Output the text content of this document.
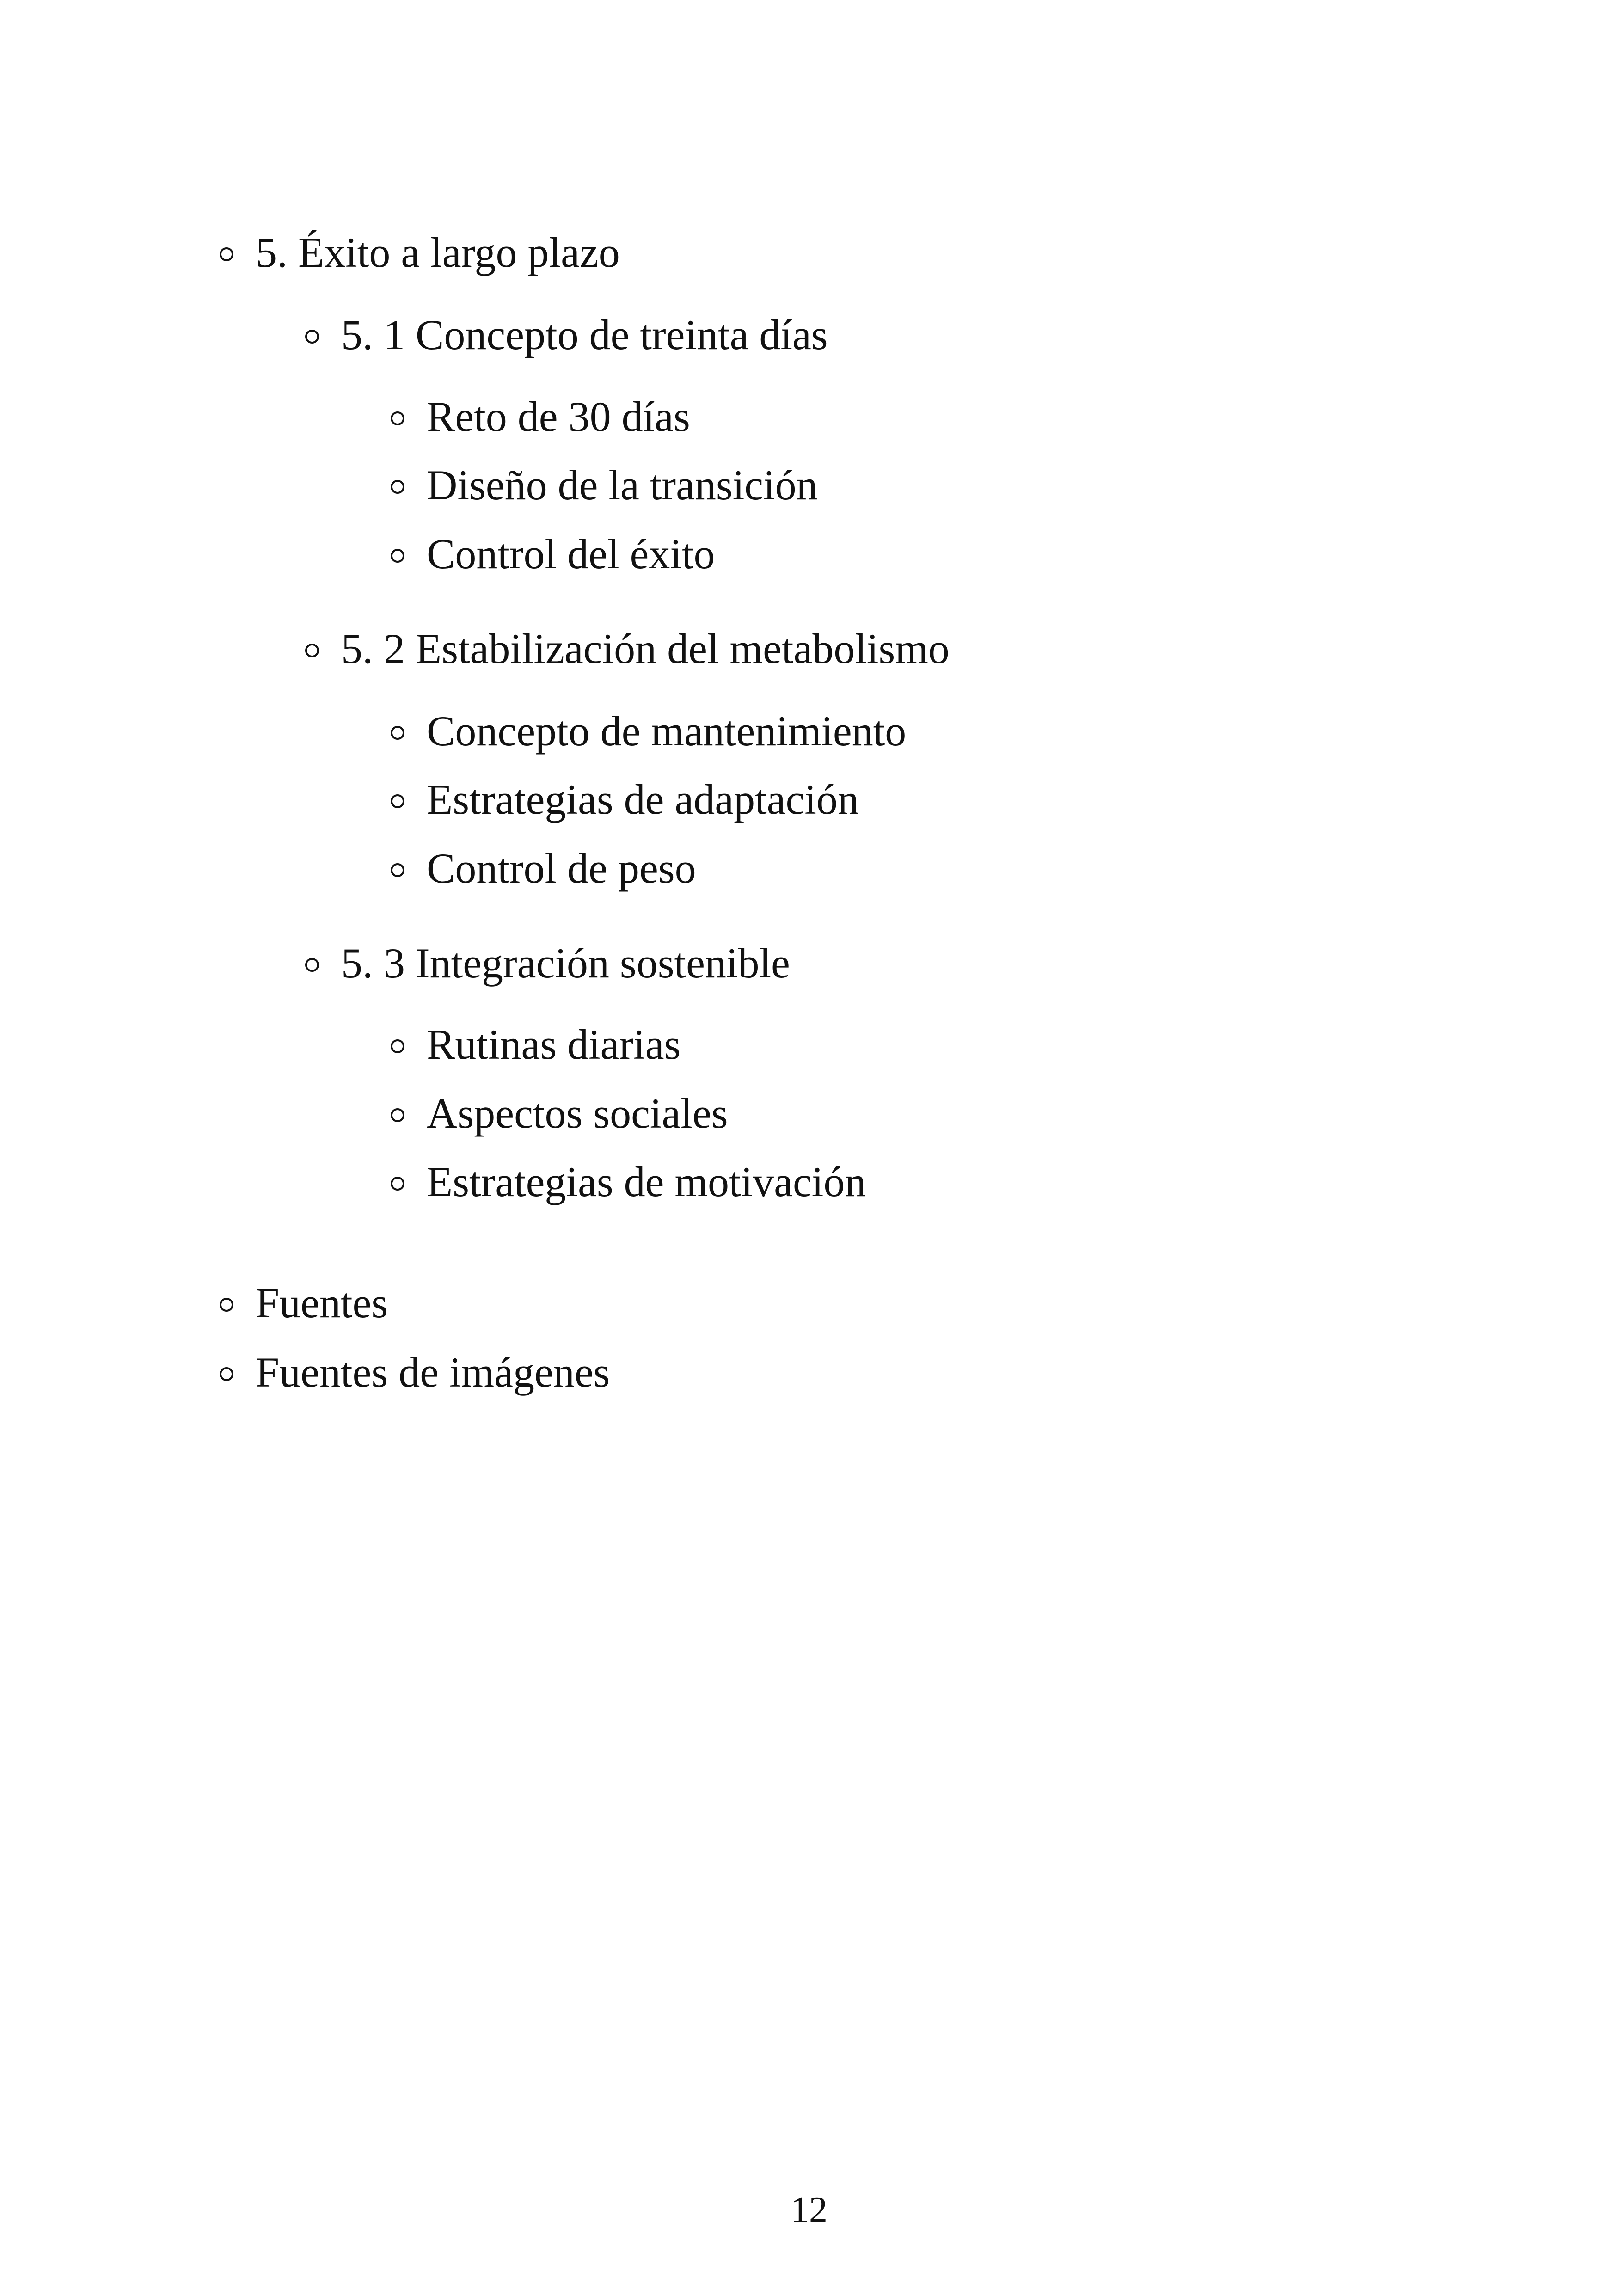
5. Éxito a largo plazo
5. 1 Concepto de treinta días
Reto de 30 días
Diseño de la transición
Control del éxito
5. 2 Estabilización del metabolismo
Concepto de mantenimiento
Estrategias de adaptación
Control de peso
5. 3 Integración sostenible
Rutinas diarias
Aspectos sociales
Estrategias de motivación
Fuentes
Fuentes de imágenes
12
